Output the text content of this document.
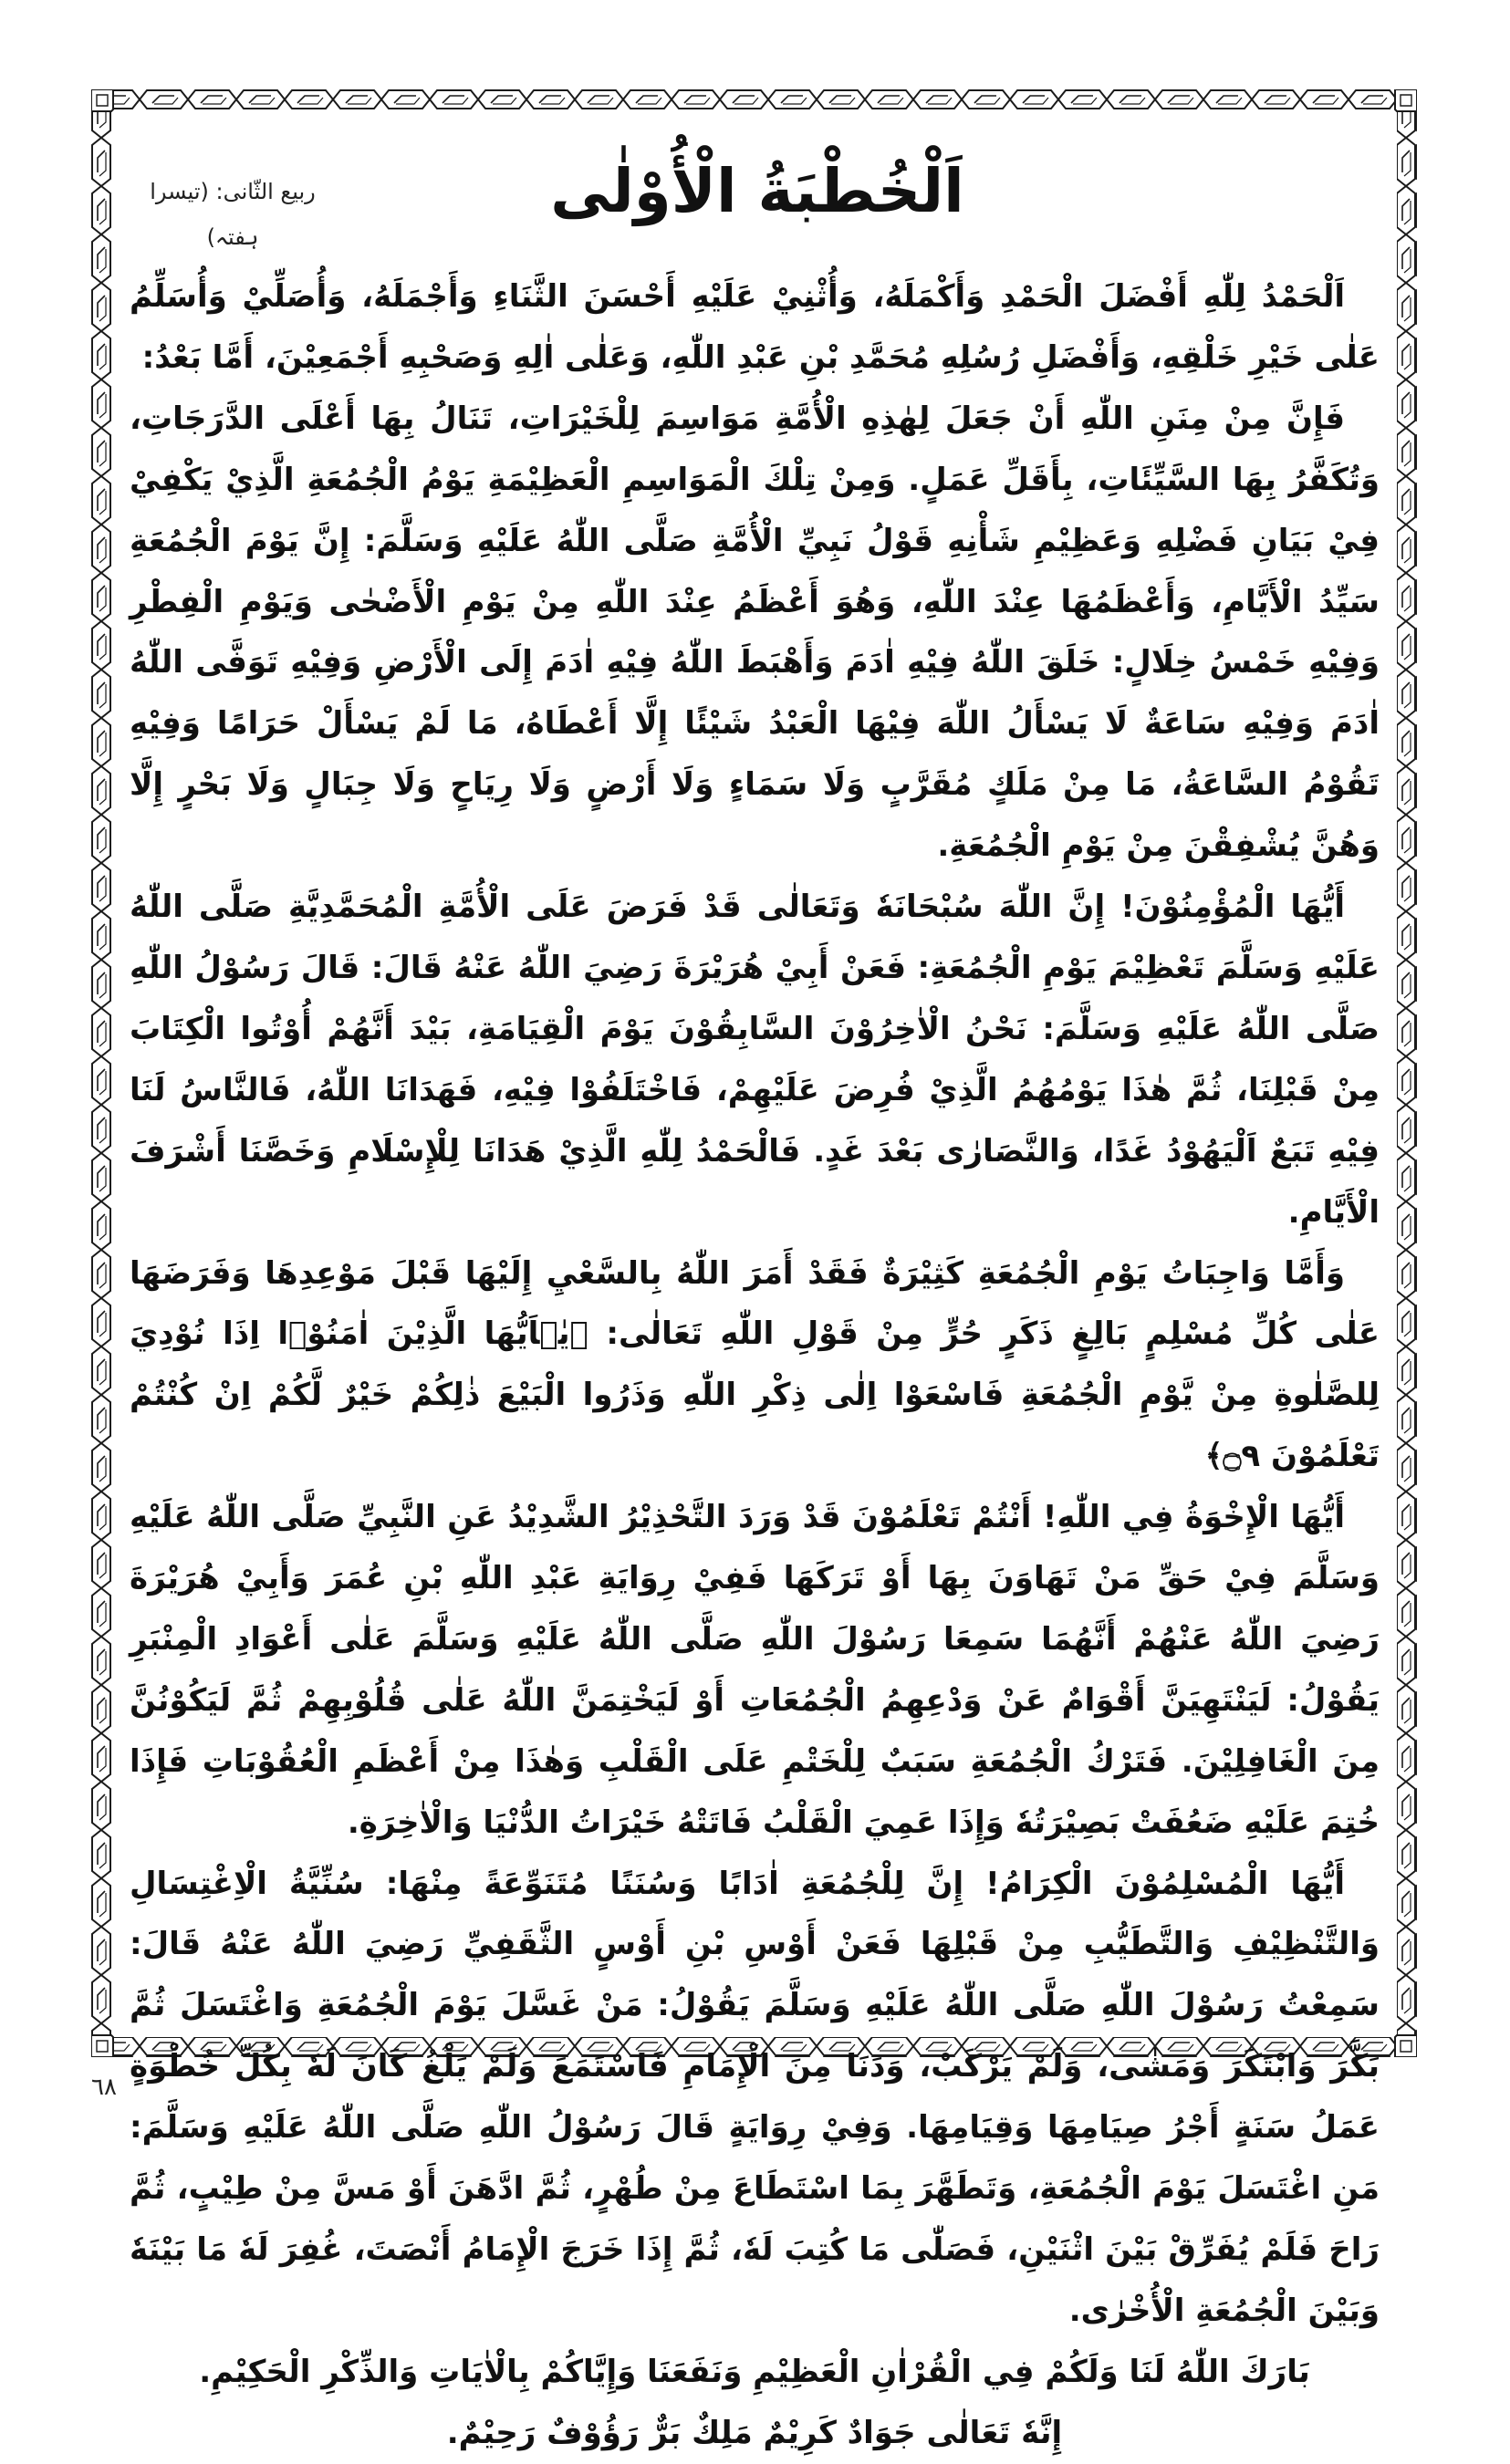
ربیع الثّانی: (تیسرا ہفتہ)
اَلْخُطْبَةُ الْأُوْلٰى

اَلْحَمْدُ لِلّٰهِ أَفْضَلَ الْحَمْدِ وَأَكْمَلَهُ، وَأُثْنِيْ عَلَيْهِ أَحْسَنَ الثَّنَاءِ وَأَجْمَلَهُ، وَأُصَلِّيْ وَأُسَلِّمُ عَلٰى خَيْرِ خَلْقِهِ، وَأَفْضَلِ رُسُلِهِ مُحَمَّدِ بْنِ عَبْدِ اللّٰهِ، وَعَلٰى اٰلِهِ وَصَحْبِهِ أَجْمَعِيْنَ، أَمَّا بَعْدُ:

فَإِنَّ مِنْ مِنَنِ اللّٰهِ أَنْ جَعَلَ لِهٰذِهِ الْأُمَّةِ مَوَاسِمَ لِلْخَيْرَاتِ، تَنَالُ بِهَا أَعْلَى الدَّرَجَاتِ، وَتُكَفَّرُ بِهَا السَّيِّئَاتِ، بِأَقَلِّ عَمَلٍ. وَمِنْ تِلْكَ الْمَوَاسِمِ الْعَظِيْمَةِ يَوْمُ الْجُمُعَةِ الَّذِيْ يَكْفِيْ فِيْ بَيَانِ فَضْلِهِ وَعَظِيْمِ شَأْنِهِ قَوْلُ نَبِيِّ الْأُمَّةِ صَلَّى اللّٰهُ عَلَيْهِ وَسَلَّمَ: إِنَّ يَوْمَ الْجُمُعَةِ سَيِّدُ الْأَيَّامِ، وَأَعْظَمُهَا عِنْدَ اللّٰهِ، وَهُوَ أَعْظَمُ عِنْدَ اللّٰهِ مِنْ يَوْمِ الْأَضْحٰى وَيَوْمِ الْفِطْرِ وَفِيْهِ خَمْسُ خِلَالٍ: خَلَقَ اللّٰهُ فِيْهِ اٰدَمَ وَأَهْبَطَ اللّٰهُ فِيْهِ اٰدَمَ إِلَى الْأَرْضِ وَفِيْهِ تَوَفَّى اللّٰهُ اٰدَمَ وَفِيْهِ سَاعَةٌ لَا يَسْأَلُ اللّٰهَ فِيْهَا الْعَبْدُ شَيْئًا إِلَّا أَعْطَاهُ، مَا لَمْ يَسْأَلْ حَرَامًا وَفِيْهِ تَقُوْمُ السَّاعَةُ، مَا مِنْ مَلَكٍ مُقَرَّبٍ وَلَا سَمَاءٍ وَلَا أَرْضٍ وَلَا رِيَاحٍ وَلَا جِبَالٍ وَلَا بَحْرٍ إِلَّا وَهُنَّ يُشْفِقْنَ مِنْ يَوْمِ الْجُمُعَةِ.

أَيُّهَا الْمُؤْمِنُوْنَ! إِنَّ اللّٰهَ سُبْحَانَهٗ وَتَعَالٰى قَدْ فَرَضَ عَلَى الْأُمَّةِ الْمُحَمَّدِيَّةِ صَلَّى اللّٰهُ عَلَيْهِ وَسَلَّمَ تَعْظِيْمَ يَوْمِ الْجُمُعَةِ: فَعَنْ أَبِيْ هُرَيْرَةَ رَضِيَ اللّٰهُ عَنْهُ قَالَ: قَالَ رَسُوْلُ اللّٰهِ صَلَّى اللّٰهُ عَلَيْهِ وَسَلَّمَ: نَحْنُ الْاٰخِرُوْنَ السَّابِقُوْنَ يَوْمَ الْقِيَامَةِ، بَيْدَ أَنَّهُمْ أُوْتُوا الْكِتَابَ مِنْ قَبْلِنَا، ثُمَّ هٰذَا يَوْمُهُمُ الَّذِيْ فُرِضَ عَلَيْهِمْ، فَاخْتَلَفُوْا فِيْهِ، فَهَدَانَا اللّٰهُ، فَالنَّاسُ لَنَا فِيْهِ تَبَعٌ اَلْيَهُوْدُ غَدًا، وَالنَّصَارٰى بَعْدَ غَدٍ. فَالْحَمْدُ لِلّٰهِ الَّذِيْ هَدَانَا لِلْإِسْلَامِ وَخَصَّنَا أَشْرَفَ الْأَيَّامِ.

وَأَمَّا وَاجِبَاتُ يَوْمِ الْجُمُعَةِ كَثِيْرَةٌ فَقَدْ أَمَرَ اللّٰهُ بِالسَّعْيِ إِلَيْهَا قَبْلَ مَوْعِدِهَا وَفَرَضَهَا عَلٰى كُلِّ مُسْلِمٍ بَالِغٍ ذَكَرٍ حُرٍّ مِنْ قَوْلِ اللّٰهِ تَعَالٰى: ﴿يٰۤاَيُّهَا الَّذِيْنَ اٰمَنُوْۤا اِذَا نُوْدِيَ لِلصَّلٰوةِ مِنْ يَّوْمِ الْجُمُعَةِ فَاسْعَوْا اِلٰى ذِكْرِ اللّٰهِ وَذَرُوا الْبَيْعَ ذٰلِكُمْ خَيْرٌ لَّكُمْ اِنْ كُنْتُمْ تَعْلَمُوْنَ ۝٩﴾

أَيُّهَا الْإِخْوَةُ فِي اللّٰهِ! أَنْتُمْ تَعْلَمُوْنَ قَدْ وَرَدَ التَّحْذِيْرُ الشَّدِيْدُ عَنِ النَّبِيِّ صَلَّى اللّٰهُ عَلَيْهِ وَسَلَّمَ فِيْ حَقِّ مَنْ تَهَاوَنَ بِهَا أَوْ تَرَكَهَا فَفِيْ رِوَايَةِ عَبْدِ اللّٰهِ بْنِ عُمَرَ وَأَبِيْ هُرَيْرَةَ رَضِيَ اللّٰهُ عَنْهُمْ أَنَّهُمَا سَمِعَا رَسُوْلَ اللّٰهِ صَلَّى اللّٰهُ عَلَيْهِ وَسَلَّمَ عَلٰى أَعْوَادِ الْمِنْبَرِ يَقُوْلُ: لَيَنْتَهِيَنَّ أَقْوَامٌ عَنْ وَدْعِهِمُ الْجُمُعَاتِ أَوْ لَيَخْتِمَنَّ اللّٰهُ عَلٰى قُلُوْبِهِمْ ثُمَّ لَيَكُوْنُنَّ مِنَ الْغَافِلِيْنَ. فَتَرْكُ الْجُمُعَةِ سَبَبٌ لِلْخَتْمِ عَلَى الْقَلْبِ وَهٰذَا مِنْ أَعْظَمِ الْعُقُوْبَاتِ فَإِذَا خُتِمَ عَلَيْهِ ضَعُفَتْ بَصِيْرَتُهٗ وَإِذَا عَمِيَ الْقَلْبُ فَاتَتْهُ خَيْرَاتُ الدُّنْيَا وَالْاٰخِرَةِ.

أَيُّهَا الْمُسْلِمُوْنَ الْكِرَامُ! إِنَّ لِلْجُمُعَةِ اٰدَابًا وَسُنَنًا مُتَنَوِّعَةً مِنْهَا: سُنِّيَّةُ الْاِغْتِسَالِ وَالتَّنْظِيْفِ وَالتَّطَيُّبِ مِنْ قَبْلِهَا فَعَنْ أَوْسِ بْنِ أَوْسٍ الثَّقَفِيِّ رَضِيَ اللّٰهُ عَنْهُ قَالَ: سَمِعْتُ رَسُوْلَ اللّٰهِ صَلَّى اللّٰهُ عَلَيْهِ وَسَلَّمَ يَقُوْلُ: مَنْ غَسَّلَ يَوْمَ الْجُمُعَةِ وَاغْتَسَلَ ثُمَّ بَكَّرَ وَابْتَكَرَ وَمَشٰى، وَلَمْ يَرْكَبْ، وَدَنَا مِنَ الْإِمَامِ فَاسْتَمَعَ وَلَمْ يَلْغُ كَانَ لَهٗ بِكُلِّ خُطْوَةٍ عَمَلُ سَنَةٍ أَجْرُ صِيَامِهَا وَقِيَامِهَا. وَفِيْ رِوَايَةٍ قَالَ رَسُوْلُ اللّٰهِ صَلَّى اللّٰهُ عَلَيْهِ وَسَلَّمَ: مَنِ اغْتَسَلَ يَوْمَ الْجُمُعَةِ، وَتَطَهَّرَ بِمَا اسْتَطَاعَ مِنْ طُهْرٍ، ثُمَّ ادَّهَنَ أَوْ مَسَّ مِنْ طِيْبٍ، ثُمَّ رَاحَ فَلَمْ يُفَرِّقْ بَيْنَ اثْنَيْنِ، فَصَلّٰى مَا كُتِبَ لَهٗ، ثُمَّ إِذَا خَرَجَ الْإِمَامُ أَنْصَتَ، غُفِرَ لَهٗ مَا بَيْنَهٗ وَبَيْنَ الْجُمُعَةِ الْأُخْرٰى.

بَارَكَ اللّٰهُ لَنَا وَلَكُمْ فِي الْقُرْاٰنِ الْعَظِيْمِ وَنَفَعَنَا وَإِيَّاكُمْ بِالْاٰيَاتِ وَالذِّكْرِ الْحَكِيْمِ.

إِنَّهٗ تَعَالٰى جَوَادٌ كَرِيْمٌ مَلِكٌ بَرٌّ رَؤُوْفٌ رَحِيْمٌ.

٦٨
